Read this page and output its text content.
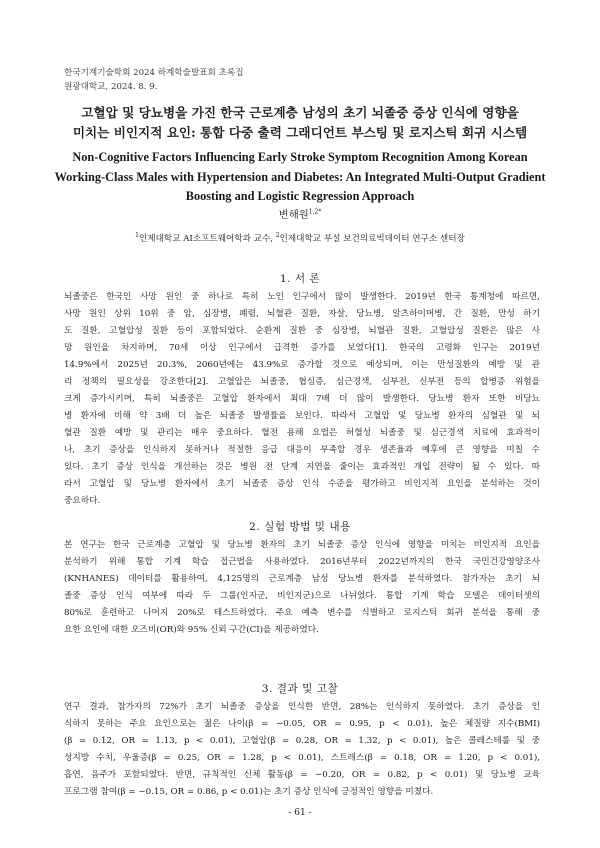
한국기계기술학회 2024 하계학술발표회 초록집
원광대학교, 2024. 8. 9.
고혈압 및 당뇨병을 가진 한국 근로계층 남성의 초기 뇌졸중 증상 인식에 영향을
미치는 비인지적 요인: 통합 다중 출력 그래디언트 부스팅 및 로지스틱 회귀 시스템
Non-Cognitive Factors Influencing Early Stroke Symptom Recognition Among Korean
Working-Class Males with Hypertension and Diabetes: An Integrated Multi-Output Gradient
Boosting and Logistic Regression Approach
변해원$^{1,2*}$
$^1$인제대학교 AI소프트웨어학과 교수, $^2$인제대학교 부설 보건의료빅데이터 연구소 센터장
1. 서 론
뇌졸중은 한국인 사망 원인 중 하나로 특히 노인 인구에서 많이 발생한다. 2019년 한국 통계청에 따르면,
사망 원인 상위 10위 중 암, 심장병, 폐렴, 뇌혈관 질환, 자살, 당뇨병, 알츠하이머병, 간 질환, 만성 하기
도 질환, 고혈압성 질환 등이 포함되었다. 순환계 질환 중 심장병, 뇌혈관 질환, 고혈압성 질환은 많은 사
망 원인을 차지하며, 70세 이상 인구에서 급격한 증가를 보였다[1]. 한국의 고령화 인구는 2019년
14.9%에서 2025년 20.3%, 2060년에는 43.9%로 증가할 것으로 예상되며, 이는 만성질환의 예방 및 관
리 정책의 필요성을 강조한다[2]. 고혈압은 뇌졸중, 협심증, 심근경색, 심부전, 신부전 등의 합병증 위험을
크게 증가시키며, 특히 뇌졸중은 고혈압 환자에서 최대 7배 더 많이 발생한다. 당뇨병 환자 또한 비당뇨
병 환자에 비해 약 3배 더 높은 뇌졸중 발생률을 보인다. 따라서 고혈압 및 당뇨병 환자의 심혈관 및 뇌
혈관 질환 예방 및 관리는 매우 중요하다. 혈전 용해 요법은 허혈성 뇌졸중 및 심근경색 치료에 효과적이
나, 초기 증상을 인식하지 못하거나 적절한 응급 대응이 부족할 경우 생존율과 예후에 큰 영향을 미칠 수
있다. 초기 증상 인식을 개선하는 것은 병원 전 단계 지연을 줄이는 효과적인 개입 전략이 될 수 있다. 따
라서 고혈압 및 당뇨병 환자에서 초기 뇌졸중 증상 인식 수준을 평가하고 비인지적 요인을 분석하는 것이
중요하다.
2. 실험 방법 및 내용
본 연구는 한국 근로계층 고혈압 및 당뇨병 환자의 초기 뇌졸중 증상 인식에 영향을 미치는 비인지적 요인을
분석하기 위해 통합 기계 학습 접근법을 사용하였다. 2016년부터 2022년까지의 한국 국민건강영양조사
(KNHANES) 데이터를 활용하여, 4,125명의 근로계층 남성 당뇨병 환자를 분석하였다. 참가자는 초기 뇌
졸중 증상 인식 여부에 따라 두 그룹(인지군, 비인지군)으로 나뉘었다. 통합 기계 학습 모델은 데이터셋의
80%로 훈련하고 나머지 20%로 테스트하였다. 주요 예측 변수를 식별하고 로지스틱 회귀 분석을 통해 중
요한 요인에 대한 오즈비(OR)와 95% 신뢰 구간(CI)을 제공하였다.
3. 결과 및 고찰
연구 결과, 참가자의 72%가 초기 뇌졸중 증상을 인식한 반면, 28%는 인식하지 못하였다. 초기 증상을 인
식하지 못하는 주요 요인으로는 젊은 나이(β = −0.05, OR = 0.95, p < 0.01), 높은 체질량 지수(BMI)
(β = 0.12, OR = 1.13, p < 0.01), 고혈압(β = 0.28, OR = 1.32, p < 0.01), 높은 콜레스테롤 및 중
성지방 수치, 우울증(β = 0.25, OR = 1.28, p < 0.01), 스트레스(β = 0.18, OR = 1.20, p < 0.01),
흡연, 음주가 포함되었다. 반면, 규칙적인 신체 활동(β = −0.20, OR = 0.82, p < 0.01) 및 당뇨병 교육
프로그램 참여(β = −0.15, OR = 0.86, p < 0.01)는 초기 증상 인식에 긍정적인 영향을 미쳤다.
- 61 -
